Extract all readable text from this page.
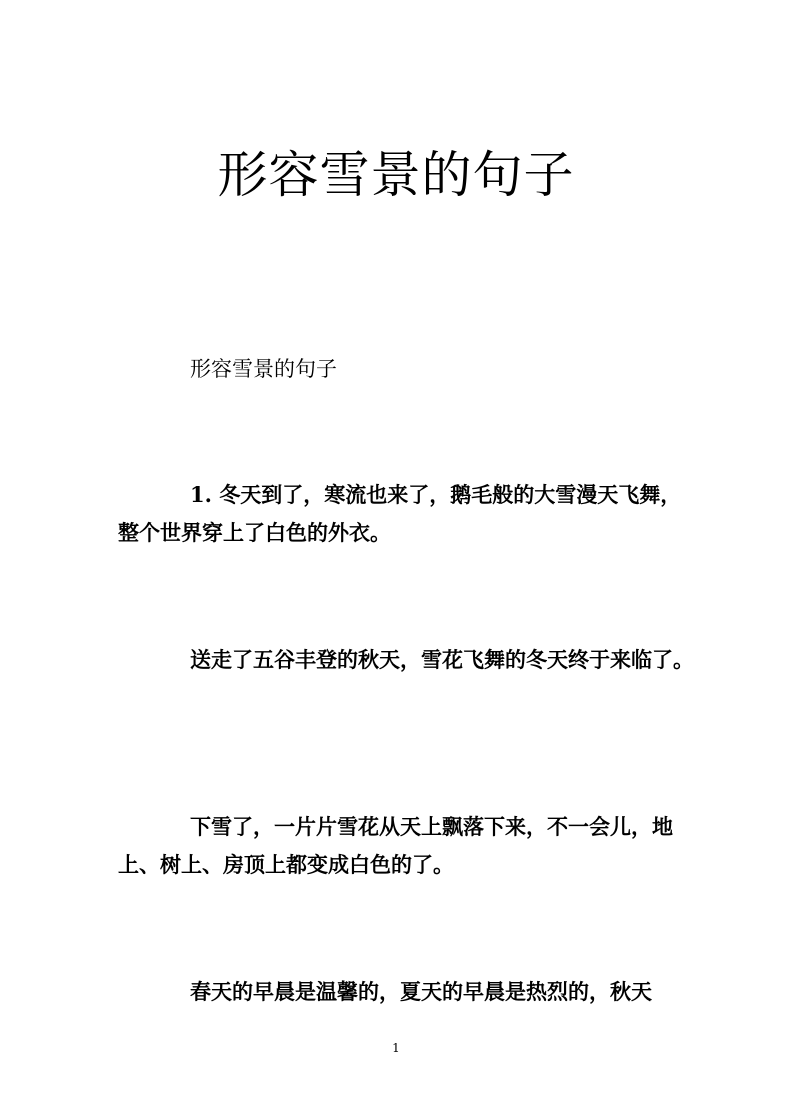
形容雪景的句子

形容雪景的句子

1. 冬天到了，寒流也来了，鹅毛般的大雪漫天飞舞，整个世界穿上了白色的外衣。

送走了五谷丰登的秋天，雪花飞舞的冬天终于来临了。

下雪了，一片片雪花从天上飘落下来，不一会儿，地上、树上、房顶上都变成白色的了。

春天的早晨是温馨的，夏天的早晨是热烈的，秋天

1
